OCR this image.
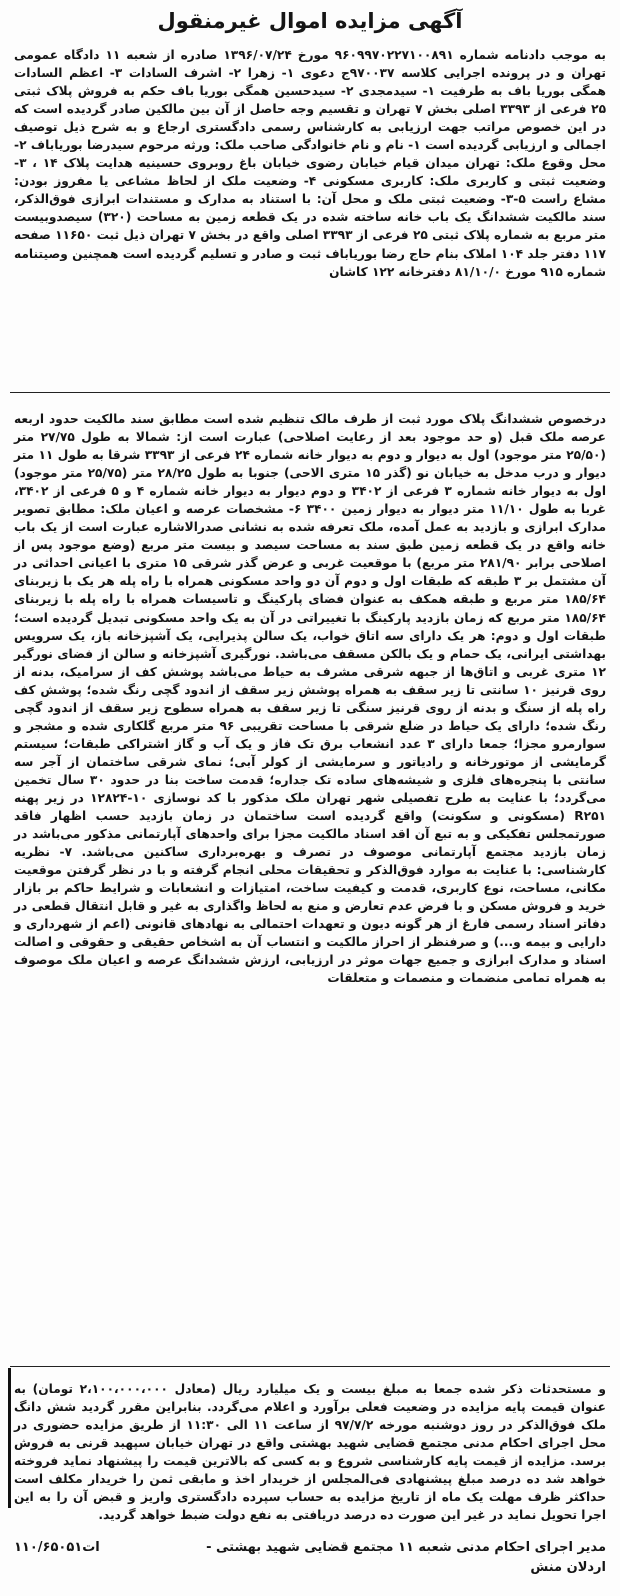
آگهی مزایده اموال غیرمنقول

به موجب دادنامه شماره ۹۶۰۹۹۷۰۲۲۷۱۰۰۸۹۱ مورخ ۱۳۹۶/۰۷/۲۴ صادره از شعبه ۱۱ دادگاه عمومی تهران و در پرونده اجرایی کلاسه ۹۷۰۰۳۷ج دعوی ۱- زهرا ۲- اشرف السادات ۳- اعظم السادات همگی بوریا باف به طرفیت ۱- سیدمجدی ۲- سیدحسین همگی بوریا باف حکم به فروش پلاک ثبتی ۲۵ فرعی از ۳۳۹۳ اصلی بخش ۷ تهران و تقسیم وجه حاصل از آن بین مالکین صادر گردیده است که در این خصوص مراتب جهت ارزیابی به کارشناس رسمی دادگستری ارجاع و به شرح ذیل توصیف اجمالی و ارزیابی گردیده است ۱- نام و نام خانوادگی صاحب ملک: ورثه مرحوم سیدرضا بوریاباف ۲- محل وقوع ملک: تهران میدان قیام خیابان رضوی خیابان باغ روبروی حسینیه هدایت پلاک ۱۴ ، ۳- وضعیت ثبتی و کاربری ملک: کاربری مسکونی ۴- وضعیت ملک از لحاظ مشاعی یا مفروز بودن: مشاع راست ۵-۳- وضعیت ثبتی ملک و محل آن: با استناد به مدارک و مستندات ابرازی فوق‌الذکر، سند مالکیت ششدانگ یک باب خانه ساخته شده در یک قطعه زمین به مساحت (۳۲۰) سیصدوبیست متر مربع به شماره پلاک ثبتی ۲۵ فرعی از ۳۳۹۳ اصلی واقع در بخش ۷ تهران ذیل ثبت ۱۱۶۵۰ صفحه ۱۱۷ دفتر جلد ۱۰۴ املاک بنام حاج رضا بوریاباف ثبت و صادر و تسلیم گردیده است همچنین وصیتنامه شماره ۹۱۵ مورخ ۸۱/۱۰/۰ دفترخانه ۱۲۲ کاشان

درخصوص ششدانگ پلاک مورد ثبت از طرف مالک تنظیم شده است مطابق سند مالکیت حدود اربعه عرصه ملک قبل (و حد موجود بعد از رعایت اصلاحی) عبارت است از: شمالا به طول ۲۷/۷۵ متر (۲۵/۵۰ متر موجود) اول به دیوار و دوم به دیوار خانه شماره ۲۴ فرعی از ۳۳۹۳ شرقا به طول ۱۱ متر دیوار و درب مدخل به خیابان نو (گذر ۱۵ متری الاحی) جنوبا به طول ۲۸/۲۵ متر (۲۵/۷۵ متر موجود) اول به دیوار خانه شماره ۳ فرعی از ۳۴۰۲ و دوم دیوار به دیوار خانه شماره ۴ و ۵ فرعی از ۳۴۰۲، غربا به طول ۱۱/۱۰ متر دیوار به دیوار زمین ۳۴۰۰ ۶- مشخصات عرصه و اعیان ملک: مطابق تصویر مدارک ابرازی و بازدید به عمل آمده، ملک تعرفه شده به نشانی صدرالاشاره عبارت است از یک باب خانه واقع در یک قطعه زمین طبق سند به مساحت سیصد و بیست متر مربع (وضع موجود پس از اصلاحی برابر ۲۸۱/۹۰ متر مربع) با موقعیت غربی و عرض گذر شرقی ۱۵ متری با اعیانی احداثی در آن مشتمل بر ۳ طبقه که طبقات اول و دوم آن دو واحد مسکونی همراه با راه پله هر یک با زیربنای ۱۸۵/۶۴ متر مربع و طبقه همکف به عنوان فضای پارکینگ و تاسیسات همراه با راه پله با زیربنای ۱۸۵/۶۴ متر مربع که زمان بازدید پارکینگ با تغییراتی در آن به یک واحد مسکونی تبدیل گردیده است؛ طبقات اول و دوم: هر یک دارای سه اتاق خواب، یک سالن پذیرایی، یک آشپزخانه باز، یک سرویس بهداشتی ایرانی، یک حمام و یک بالکن مسقف می‌باشد. نورگیری آشپزخانه و سالن از فضای نورگیر ۱۲ متری غربی و اتاق‌ها از جبهه شرقی مشرف به حیاط می‌باشد پوشش کف از سرامیک، بدنه از روی قرنیز ۱۰ سانتی تا زیر سقف به همراه پوشش زیر سقف از اندود گچی رنگ شده؛ پوشش کف راه پله از سنگ و بدنه از روی قرنیز سنگی تا زیر سقف به همراه سطوح زیر سقف از اندود گچی رنگ شده؛ دارای یک حیاط در ضلع شرقی با مساحت تقریبی ۹۶ متر مربع گلکاری شده و مشجر و سوارمرو مجزا؛ جمعا دارای ۳ عدد انشعاب برق تک فاز و یک آب و گاز اشتراکی طبقات؛ سیستم گرمایشی از موتورخانه و رادیاتور و سرمایشی از کولر آبی؛ نمای شرقی ساختمان از آجر سه سانتی با پنجره‌های فلزی و شیشه‌های ساده تک جداره؛ قدمت ساخت بنا در حدود ۳۰ سال تخمین می‌گردد؛ با عنایت به طرح تفصیلی شهر تهران ملک مذکور با کد نوسازی ۱۰-۱۲۸۲۴ در زیر پهنه R۲۵۱ (مسکونی و سکونت) واقع گردیده است ساختمان در زمان بازدید حسب اظهار فاقد صورتمجلس تفکیکی و به تبع آن اقد اسناد مالکیت مجزا برای واحدهای آپارتمانی مذکور می‌باشد در زمان بازدید مجتمع آپارتمانی موصوف در تصرف و بهره‌برداری ساکنین می‌باشد. ۷- نظریه کارشناسی: با عنایت به موارد فوق‌الذکر و تحقیقات محلی انجام گرفته و با در نظر گرفتن موقعیت مکانی، مساحت، نوع کاربری، قدمت و کیفیت ساخت، امتیازات و انشعابات و شرایط حاکم بر بازار خرید و فروش مسکن و با فرض عدم تعارض و منع به لحاظ واگذاری به غیر و قابل انتقال قطعی در دفاتر اسناد رسمی فارغ از هر گونه دیون و تعهدات احتمالی به نهادهای قانونی (اعم از شهرداری و دارایی و بیمه و...) و صرفنظر از احراز مالکیت و انتساب آن به اشخاص حقیقی و حقوقی و اصالت اسناد و مدارک ابرازی و جمیع جهات موثر در ارزیابی، ارزش ششدانگ عرصه و اعیان ملک موصوف به همراه تمامی منضمات و منصمات و متعلقات

و مستحدثات ذکر شده جمعا به مبلغ بیست و یک میلیارد ریال (معادل ۲،۱۰۰،۰۰۰،۰۰۰ تومان) به عنوان قیمت پایه مزایده در وضعیت فعلی برآورد و اعلام می‌گردد. بنابراین مقرر گردید شش دانگ ملک فوق‌الذکر در روز دوشنبه مورخه ۹۷/۷/۲ از ساعت ۱۱ الی ۱۱:۳۰ از طریق مزایده حضوری در محل اجرای احکام مدنی مجتمع قضایی شهید بهشتی واقع در تهران خیابان سپهبد قرنی به فروش برسد. مزایده از قیمت پایه کارشناسی شروع و به کسی که بالاترین قیمت را پیشنهاد نماید فروخته خواهد شد ده درصد مبلغ پیشنهادی فی‌المجلس از خریدار اخذ و مابقی ثمن را خریدار مکلف است حداکثر ظرف مهلت یک ماه از تاریخ مزایده به حساب سپرده دادگستری واریز و قبض آن را به این اجرا تحویل نماید در غیر این صورت ده درصد دریافتی به نفع دولت ضبط خواهد گردید.

مدیر اجرای احکام مدنی شعبه ۱۱ مجتمع قضایی شهید بهشتی - اردلان منش
۱۱۰/۶۵۰۵۱ات
